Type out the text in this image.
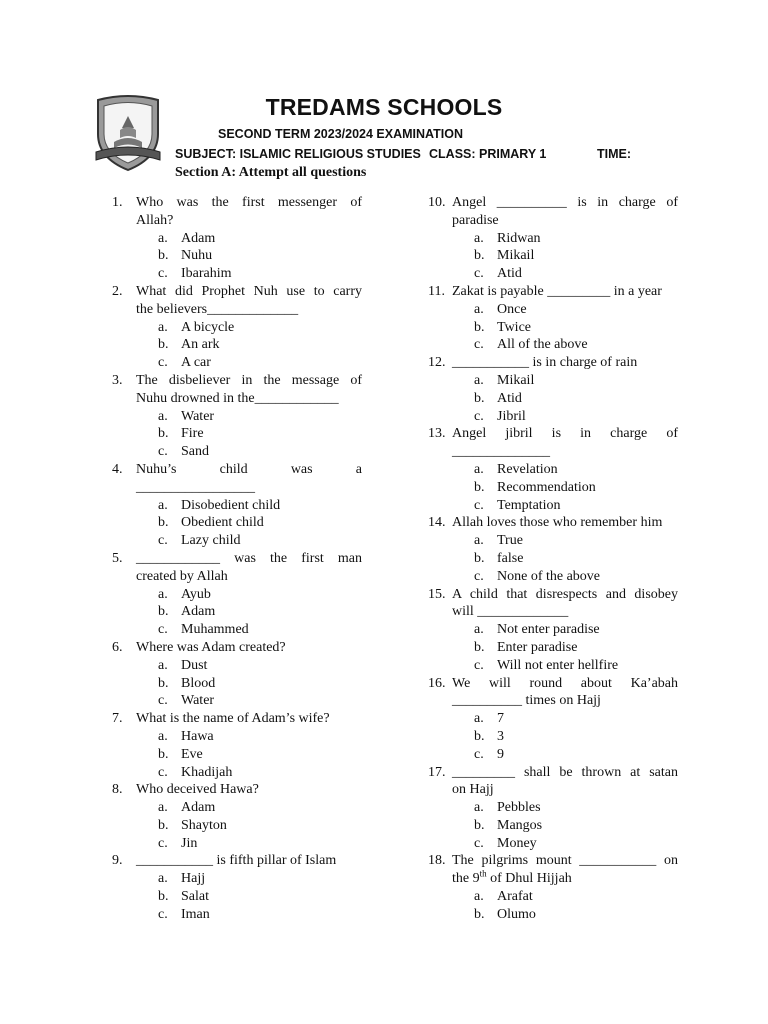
TREDAMS SCHOOLS
SECOND TERM 2023/2024 EXAMINATION
SUBJECT: ISLAMIC RELIGIOUS STUDIES CLASS: PRIMARY 1	TIME:
Section A: Attempt all questions
1. Who was the first messenger of
Allah?
a. Adam
b. Nuhu
c. Ibarahim
2. What did Prophet Nuh use to carry
the believers_____________
a. A bicycle
b. An ark
c. A car
3. The disbeliever in the message of
Nuhu drowned in the____________
a. Water
b. Fire
c. Sand
4. Nuhu’s child was a
_________________
a. Disobedient child
b. Obedient child
c. Lazy child
5. ____________ was the first man
created by Allah
a. Ayub
b. Adam
c. Muhammed
6. Where was Adam created?
a. Dust
b. Blood
c. Water
7. What is the name of Adam’s wife?
a. Hawa
b. Eve
c. Khadijah
8. Who deceived Hawa?
a. Adam
b. Shayton
c. Jin
9. ___________ is fifth pillar of Islam
a. Hajj
b. Salat
c. Iman
10. Angel __________ is in charge of
paradise
a. Ridwan
b. Mikail
c. Atid
11. Zakat is payable _________ in a year
a. Once
b. Twice
c. All of the above
12. ___________ is in charge of rain
a. Mikail
b. Atid
c. Jibril
13. Angel jibril is in charge of
______________
a. Revelation
b. Recommendation
c. Temptation
14. Allah loves those who remember him
a. True
b. false
c. None of the above
15. A child that disrespects and disobey
will _____________
a. Not enter paradise
b. Enter paradise
c. Will not enter hellfire
16. We will round about Ka’abah
__________ times on Hajj
a. 7
b. 3
c. 9
17. _________ shall be thrown at satan
on Hajj
a. Pebbles
b. Mangos
c. Money
18. The pilgrims mount ___________ on
the 9th of Dhul Hijjah
a. Arafat
b. Olumo
